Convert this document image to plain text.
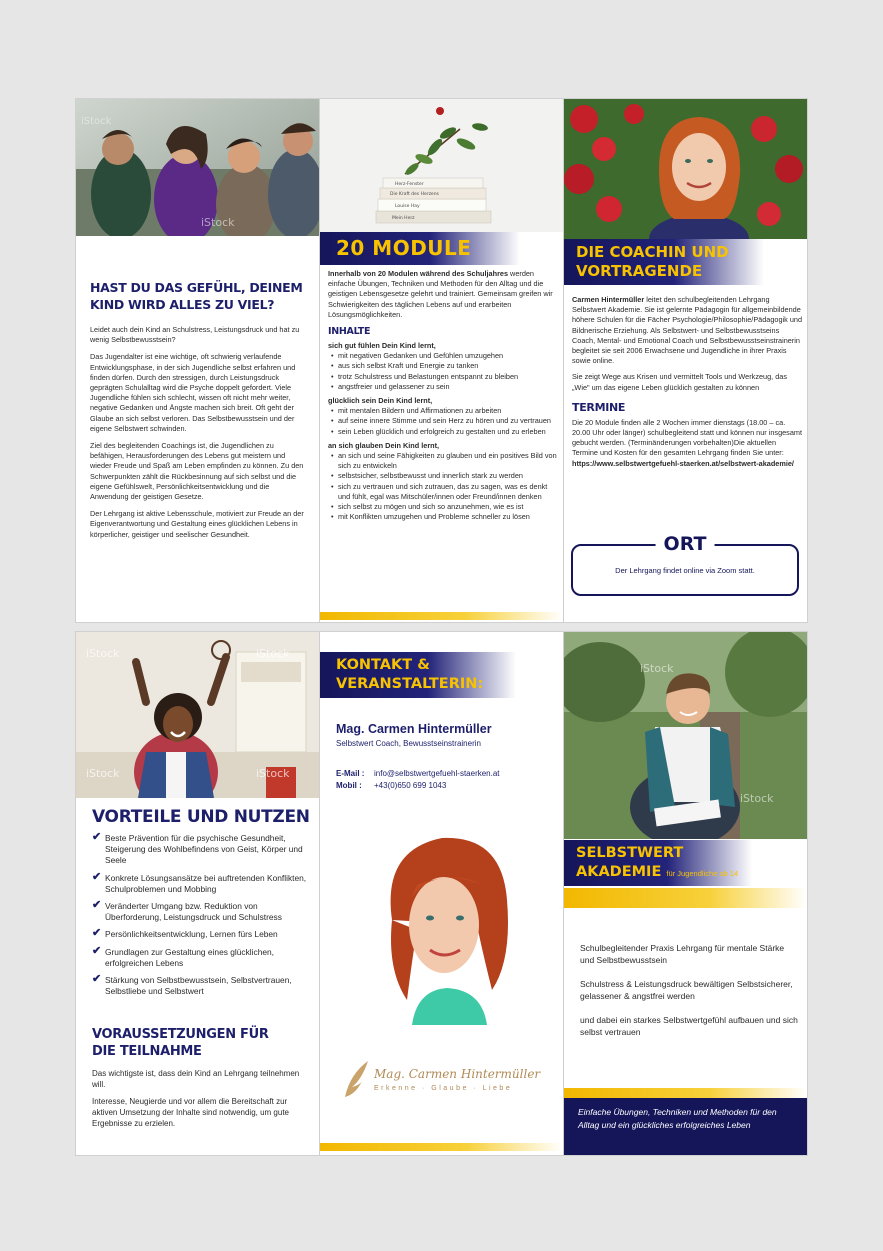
iStock
iStock
HAST DU DAS GEFÜHL, DEINEM KIND WIRD ALLES ZU VIEL?

Leidet auch dein Kind an Schulstress, Leistungsdruck und hat zu wenig Selbstbewusstsein?

Das Jugendalter ist eine wichtige, oft schwierig verlaufende Entwicklungsphase, in der sich Jugendliche selbst erfahren und finden dürfen. Durch den stressigen, durch Leistungsdruck geprägten Schulalltag wird die Psyche doppelt gefordert. Viele Jugendliche fühlen sich schlecht, wissen oft nicht mehr weiter, negative Gedanken und Ängste machen sich breit. Oft geht der Glaube an sich selbst verloren. Das Selbstbewusstsein und der eigene Selbstwert schwinden.

Ziel des begleitenden Coachings ist, die Jugendlichen zu befähigen, Herausforderungen des Lebens gut meistern und wieder Freude und Spaß am Leben empfinden zu können. Zu den Schwerpunkten zählt die Rückbesinnung auf sich selbst und die eigene Gefühlswelt, Persönlichkeitsentwicklung und die Anwendung der geistigen Gesetze.

Der Lehrgang ist aktive Lebensschule, motiviert zur Freude an der Eigenverantwortung und Gestaltung eines glücklichen Lebens in körperlicher, geistiger und seelischer Gesundheit.

Herz-Fenster
Die Kraft des Herzens
Louise Hay
Mein Herz
20 MODULE

Innerhalb von 20 Modulen während des Schuljahres werden einfache Übungen, Techniken und Methoden für den Alltag und die geistigen Lebensgesetze gelehrt und trainiert. Gemeinsam greifen wir Schwierigkeiten des täglichen Lebens auf und erarbeiten Lösungsmöglichkeiten.

INHALTE

sich gut fühlen Dein Kind lernt,

• mit negativen Gedanken und Gefühlen umzugehen
• aus sich selbst Kraft und Energie zu tanken
• trotz Schulstress und Belastungen entspannt zu bleiben
• angstfreier und gelassener zu sein

glücklich sein Dein Kind lernt,

• mit mentalen Bildern und Affirmationen zu arbeiten
• auf seine innere Stimme und sein Herz zu hören und zu vertrauen
• sein Leben glücklich und erfolgreich zu gestalten und zu erleben

an sich glauben Dein Kind lernt,

• an sich und seine Fähigkeiten zu glauben und ein positives Bild von sich zu entwickeln
• selbstsicher, selbstbewusst und innerlich stark zu werden
• sich zu vertrauen und sich zutrauen, das zu sagen, was es denkt und fühlt, egal was Mitschüler/innen oder Freund/innen denken
• sich selbst zu mögen und sich so anzunehmen, wie es ist
• mit Konflikten umzugehen und Probleme schneller zu lösen
DIE COACHIN UND
VORTRAGENDE

Carmen Hintermüller leitet den schulbegleitenden Lehrgang Selbstwert Akademie. Sie ist gelernte Pädagogin für allgemeinbildende höhere Schulen für die Fächer Psychologie/Philosophie/Pädagogik und Bildnerische Erziehung. Als Selbstwert- und Selbstbewusstseins Coach, Mental- und Emotional Coach und Selbstbewusstseinstrainerin begleitet sie seit 2006 Erwachsene und Jugendliche in ihrer Praxis sowie online.

Sie zeigt Wege aus Krisen und vermittelt Tools und Werkzeug, das „Wie" um das eigene Leben glücklich gestalten zu können

TERMINE

Die 20 Module finden alle 2 Wochen immer dienstags (18.00 – ca. 20.00 Uhr oder länger) schulbegleitend statt und können nur insgesamt gebucht werden. (Terminänderungen vorbehalten)Die aktuellen Termine und Kosten für den gesamten Lehrgang finden Sie unter:

https://www.selbstwertgefuehl-staerken.at/selbstwert-akademie/

ORT

Der Lehrgang findet online via Zoom statt.

iStock	iStock
iStock	iStock
VORTEILE UND NUTZEN
✔ Beste Prävention für die psychische Gesundheit, Steigerung des Wohlbefindens von Geist, Körper und Seele
✔ Konkrete Lösungsansätze bei auftretenden Konflikten, Schulproblemen und Mobbing
✔ Veränderter Umgang bzw. Reduktion von Überforderung, Leistungsdruck und Schulstress
✔ Persönlichkeitsentwicklung, Lernen fürs Leben
✔ Grundlagen zur Gestaltung eines glücklichen, erfolgreichen Lebens
✔ Stärkung von Selbstbewusstsein, Selbstvertrauen, Selbstliebe und Selbstwert
VORAUSSETZUNGEN FÜR
DIE TEILNAHME

Das wichtigste ist, dass dein Kind an Lehrgang teilnehmen will.

Interesse, Neugierde und vor allem die Bereitschaft zur aktiven Umsetzung der Inhalte sind notwendig, um gute Ergebnisse zu erzielen.

KONTAKT &
VERANSTALTERIN:
Mag. Carmen Hintermüller
Selbstwert Coach, Bewusstseinstrainerin
E-Mail : info@selbstwertgefuehl-staerken.at
Mobil : +43(0)650 699 1043
Mag. Carmen Hintermüller
Erkenne · Glaube · Liebe
iStock
iStock
SELBSTWERT
AKADEMIE für Jugendliche ab 14

Schulbegleitender Praxis Lehrgang für mentale Stärke und Selbstbewusstsein

Schulstress & Leistungsdruck bewältigen Selbstsicherer, gelassener & angstfrei werden

und dabei ein starkes Selbstwertgefühl aufbauen und sich selbst vertrauen

Einfache Übungen, Techniken und Methoden für den Alltag und ein glückliches erfolgreiches Leben
